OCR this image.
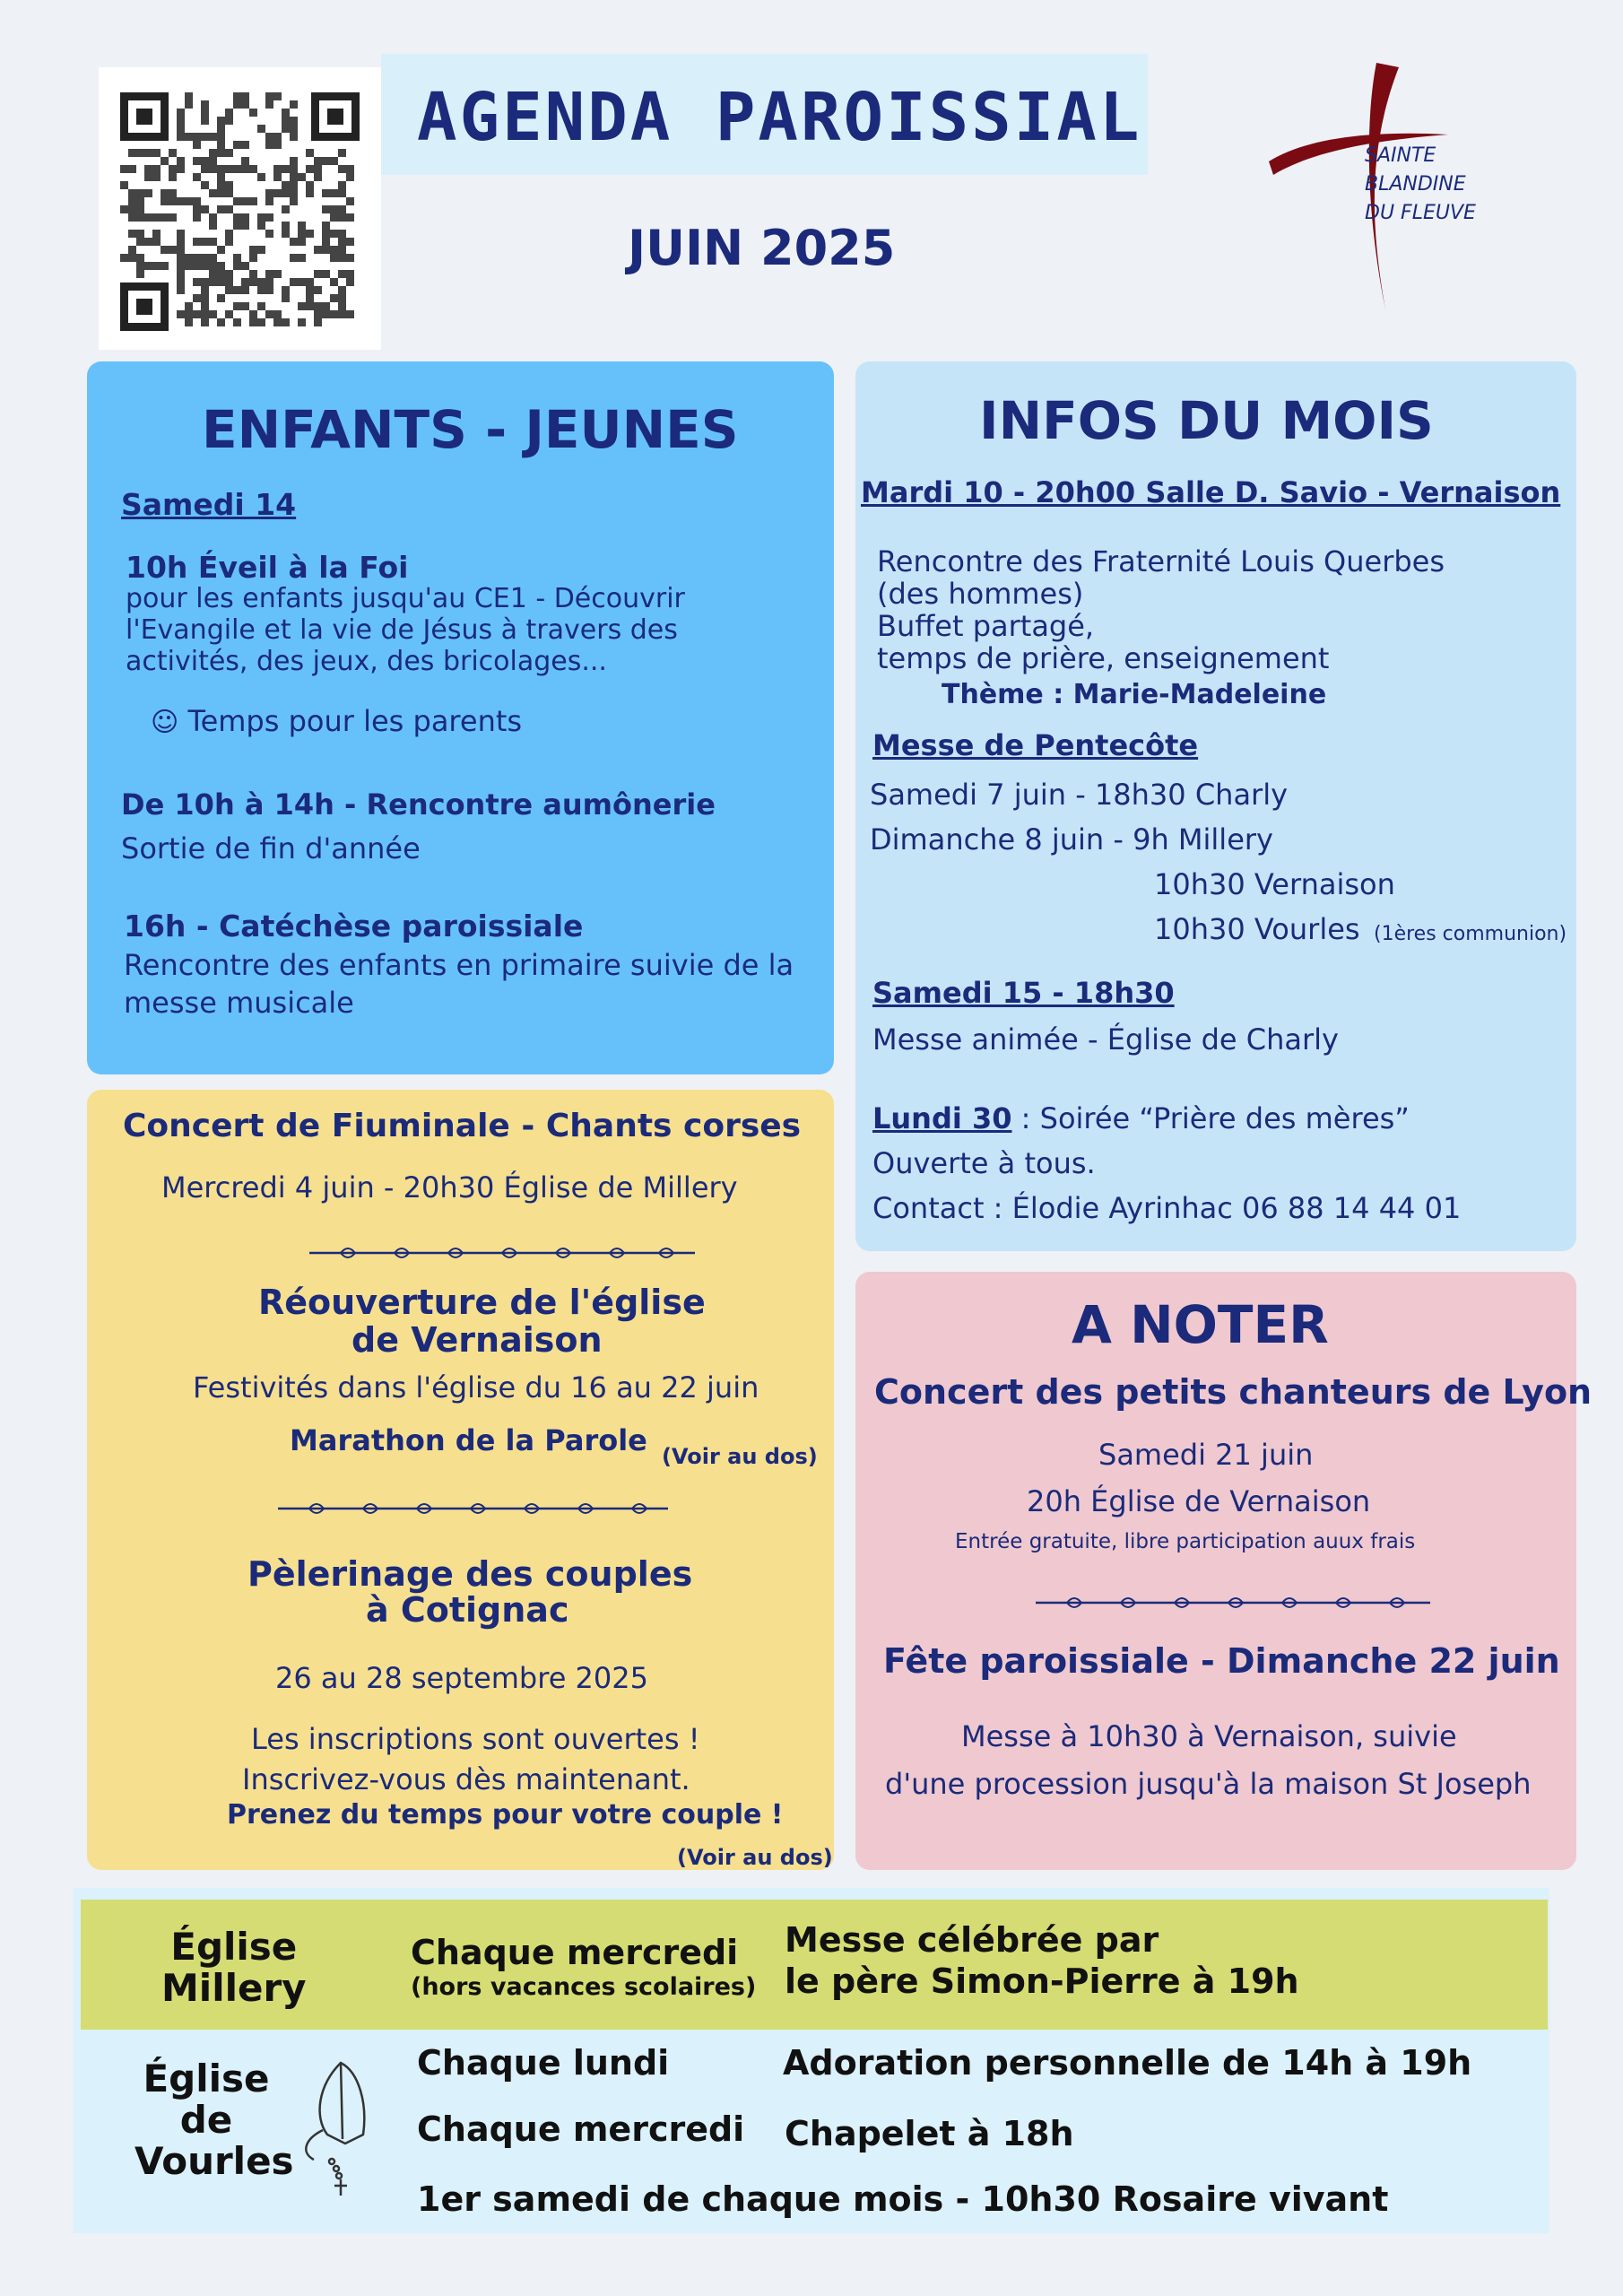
AGENDA PAROISSIAL
JUIN 2025
SAINTE
BLANDINE
DU FLEUVE
ENFANTS - JEUNES
Samedi 14
10h Éveil à la Foi
pour les enfants jusqu'au CE1 - Découvrir l'Evangile et la vie de Jésus à travers des activités, des jeux, des bricolages...
☺ Temps pour les parents
De 10h à 14h - Rencontre aumônerie
Sortie de fin d'année
16h - Catéchèse paroissiale
Rencontre des enfants en primaire suivie de la messe musicale
INFOS DU MOIS
Mardi 10 - 20h00 Salle D. Savio - Vernaison
Rencontre des Fraternité Louis Querbes
(des hommes)
Buffet partagé,
temps de prière, enseignement
Thème : Marie-Madeleine
Messe de Pentecôte
Samedi 7 juin - 18h30 Charly
Dimanche 8 juin - 9h Millery
10h30 Vernaison
10h30 Vourles (1ères communion)
Samedi 15 - 18h30
Messe animée - Église de Charly
Lundi 30 : Soirée “Prière des mères”
Ouverte à tous.
Contact : Élodie Ayrinhac 06 88 14 44 01
Concert de Fiuminale - Chants corses
Mercredi 4 juin - 20h30 Église de Millery
Réouverture de l'église
de Vernaison
Festivités dans l'église du 16 au 22 juin
Marathon de la Parole (Voir au dos)
Pèlerinage des couples
à Cotignac
26 au 28 septembre 2025
Les inscriptions sont ouvertes !
Inscrivez-vous dès maintenant.
Prenez du temps pour votre couple !
(Voir au dos)
A NOTER
Concert des petits chanteurs de Lyon
Samedi 21 juin
20h Église de Vernaison
Entrée gratuite, libre participation auux frais
Fête paroissiale - Dimanche 22 juin
Messe à 10h30 à Vernaison, suivie
d'une procession jusqu'à la maison St Joseph
Église
Millery
Chaque mercredi
(hors vacances scolaires)
Messe célébrée par
le père Simon-Pierre à 19h
Église
de
Vourles
Chaque lundi	Adoration personnelle de 14h à 19h
Chaque mercredi Chapelet à 18h
1er samedi de chaque mois - 10h30 Rosaire vivant
